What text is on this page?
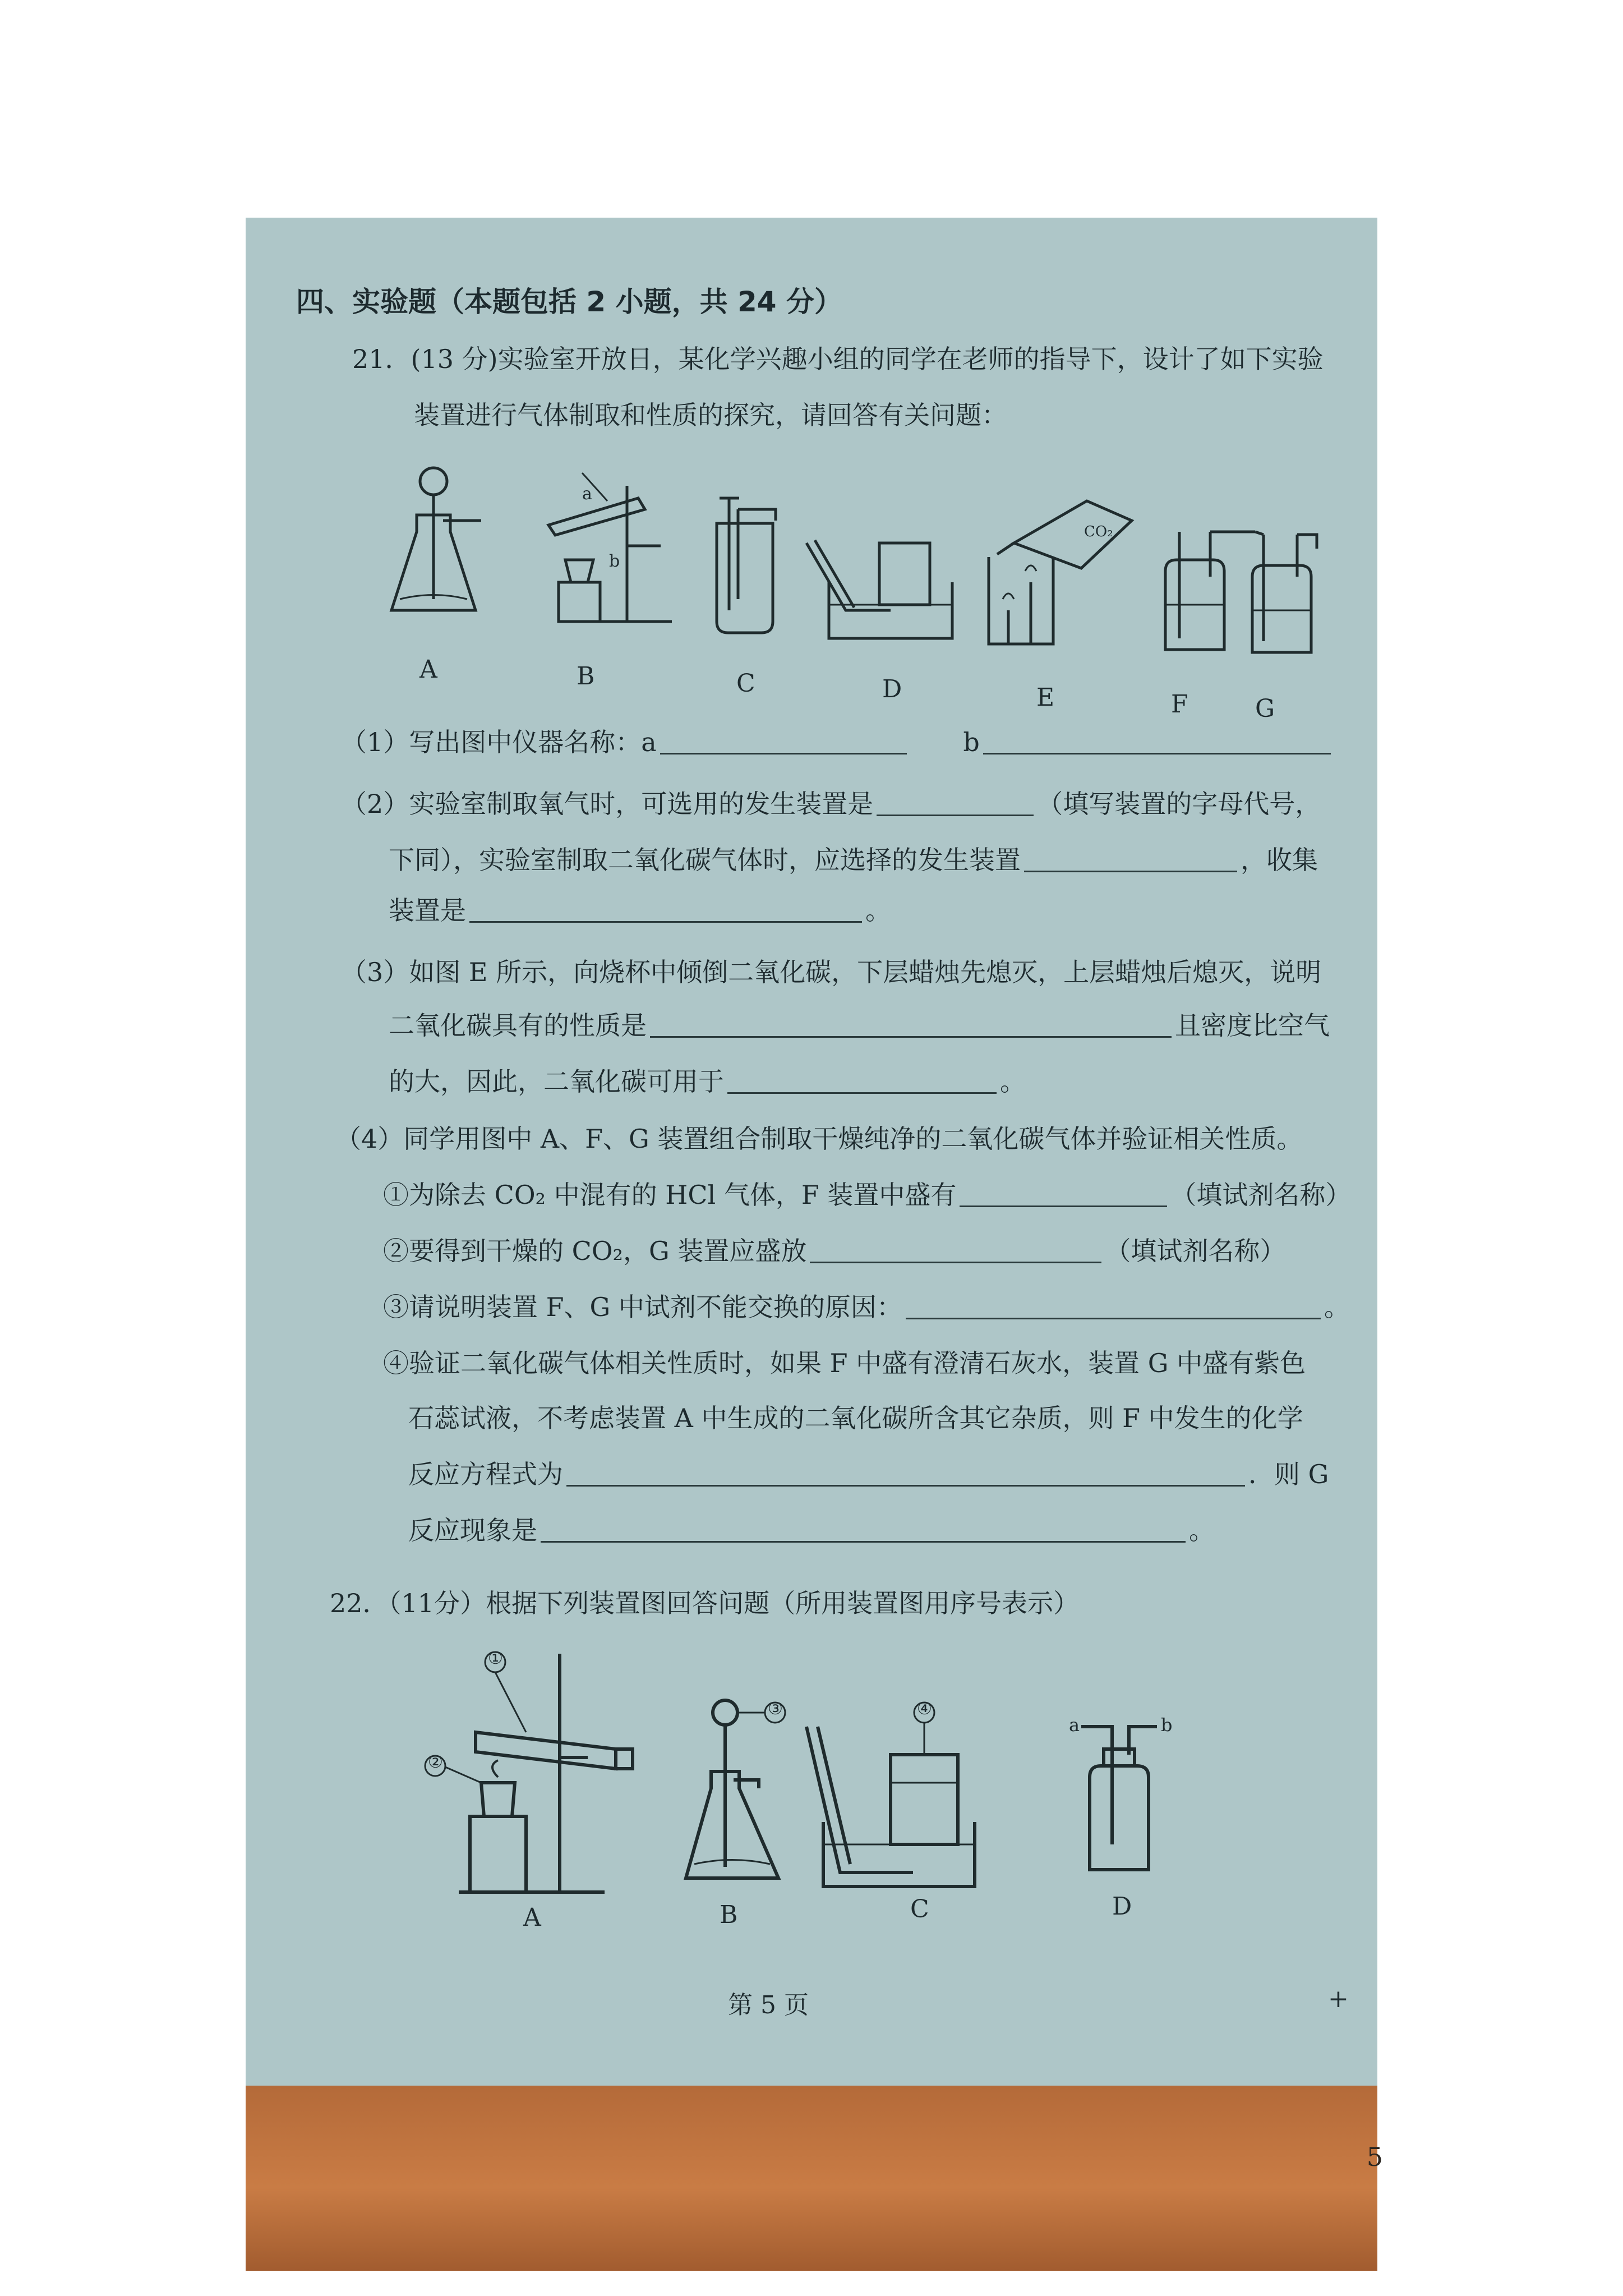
四、实验题（本题包括 2 小题，共 24 分）
21．(13 分)实验室开放日，某化学兴趣小组的同学在老师的指导下，设计了如下实验
装置进行气体制取和性质的探究，请回答有关问题：
a
b
CO₂
A	B	C	D	E	F	G
（1）写出图中仪器名称：a	b
（2）实验室制取氧气时，可选用的发生装置是	（填写装置的字母代号，
下同），实验室制取二氧化碳气体时，应选择的发生装置	，收集
装置是	。
（3）如图 E 所示，向烧杯中倾倒二氧化碳，下层蜡烛先熄灭，上层蜡烛后熄灭，说明
二氧化碳具有的性质是	且密度比空气
的大，因此，二氧化碳可用于	。
（4）同学用图中 A、F、G 装置组合制取干燥纯净的二氧化碳气体并验证相关性质。
①为除去 CO₂ 中混有的 HCl 气体，F 装置中盛有	（填试剂名称）
②要得到干燥的 CO₂，G 装置应盛放	（填试剂名称）
③请说明装置 F、G 中试剂不能交换的原因：	。
④验证二氧化碳气体相关性质时，如果 F 中盛有澄清石灰水，装置 G 中盛有紫色
石蕊试液，不考虑装置 A 中生成的二氧化碳所含其它杂质，则 F 中发生的化学
反应方程式为	．则 G
反应现象是	。
22．（11分）根据下列装置图回答问题（所用装置图用序号表示）
①
②
③	④
a	b
A	B	C	D
第 5 页	+
5
